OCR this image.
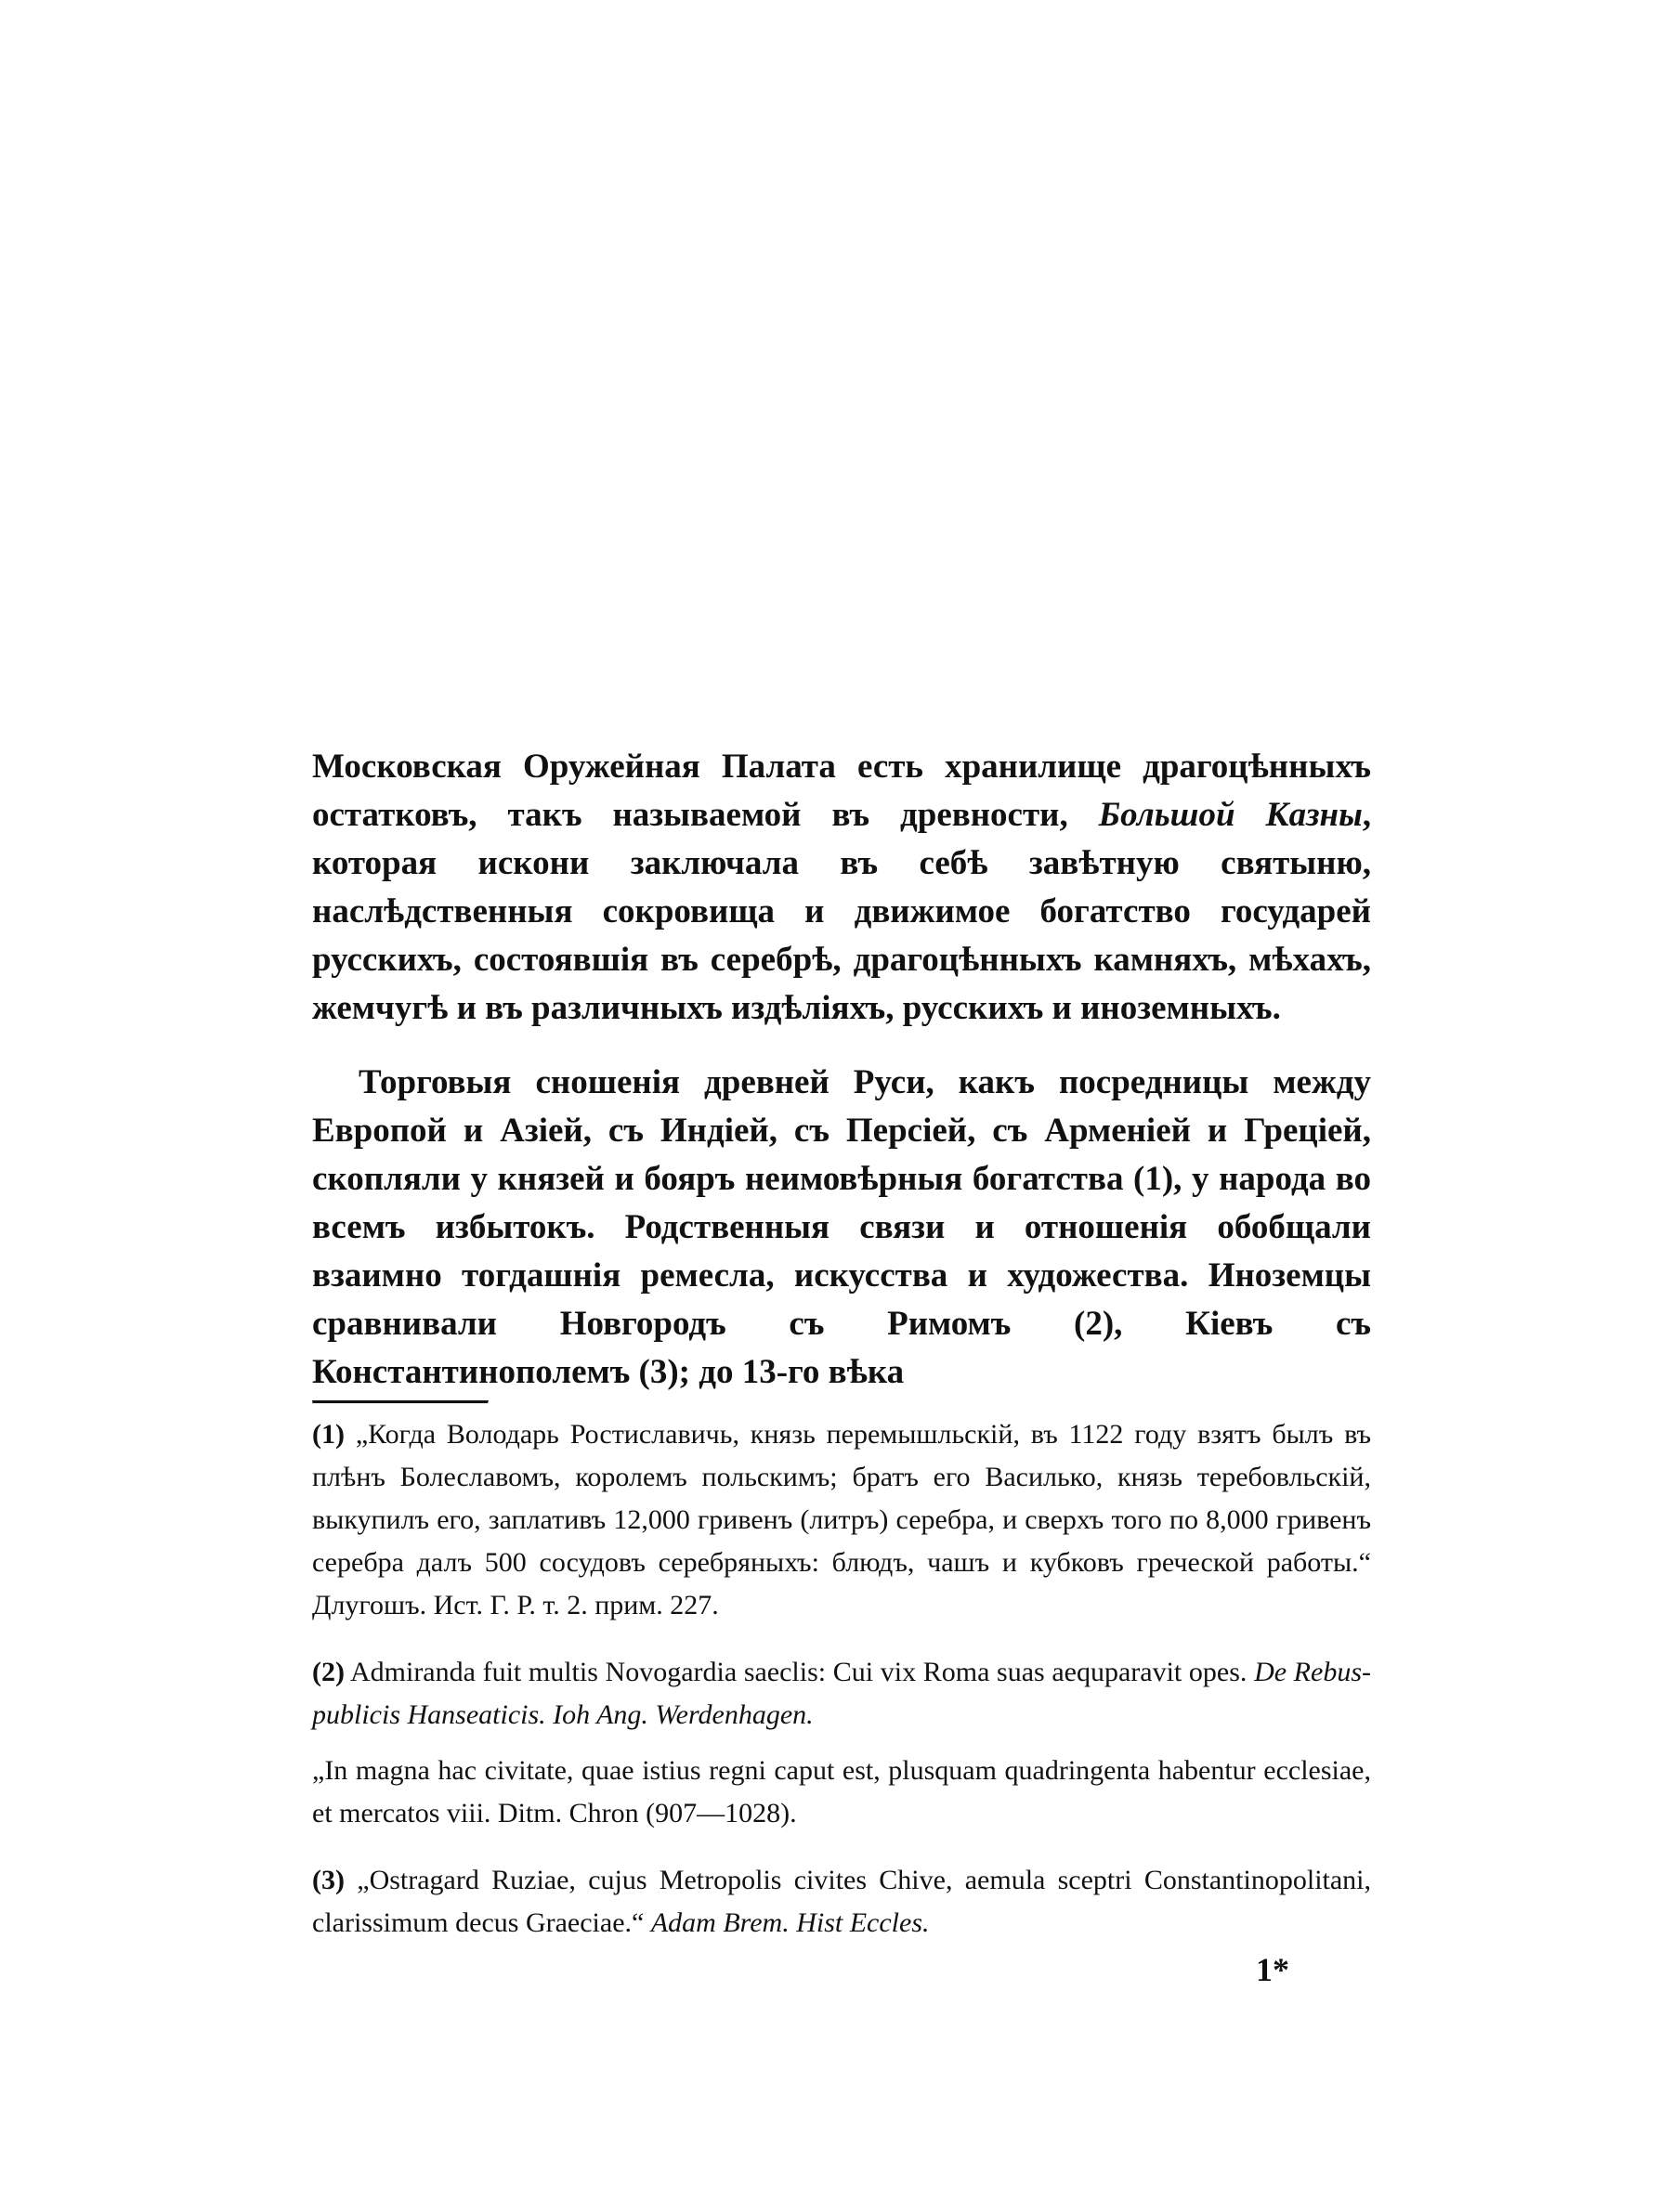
Московская Оружейная Палата есть хранилище драгоцѣнныхъ остатковъ, такъ называемой въ древности, Большой Казны, которая искони заключала въ себѣ завѣтную святыню, наслѣдственныя сокровища и движимое богатство государей русскихъ, состоявшія въ серебрѣ, драгоцѣнныхъ камняхъ, мѣхахъ, жемчугѣ и въ различныхъ издѣліяхъ, русскихъ и иноземныхъ.

Торговыя сношенія древней Руси, какъ посредницы между Европой и Азіей, съ Индіей, съ Персіей, съ Арменіей и Греціей, скопляли у князей и бояръ неимовѣрныя богатства (1), у народа во всемъ избытокъ. Родственныя связи и отношенія обобщали взаимно тогдашнія ремесла, искусства и художества. Иноземцы сравнивали Новгородъ съ Римомъ (2), Кіевъ съ Константинополемъ (3); до 13-го вѣка

(1) „Когда Володарь Ростиславичь, князь перемышльскій, въ 1122 году взятъ былъ въ плѣнъ Болеславомъ, королемъ польскимъ; братъ его Василько, князь теребовльскій, выкупилъ его, заплативъ 12,000 гривенъ (литръ) серебра, и сверхъ того по 8,000 гривенъ серебра далъ 500 сосудовъ серебряныхъ: блюдъ, чашъ и кубковъ греческой работы.“ Длугошъ. Ист. Г. Р. т. 2. прим. 227.

(2) Admiranda fuit multis Novogardia saeclis: Cui vix Roma suas aequparavit opes. De Rebus-publicis Hanseaticis. Ioh Ang. Werdenhagen.

„In magna hac civitate, quae istius regni caput est, plusquam quadringenta habentur ecclesiae, et mercatos viii. Ditm. Chron (907—1028).

(3) „Ostragard Ruziae, cujus Metropolis civites Chive, aemula sceptri Constantinopolitani, clarissimum decus Graeciae.“ Adam Brem. Hist Eccles.

1*
